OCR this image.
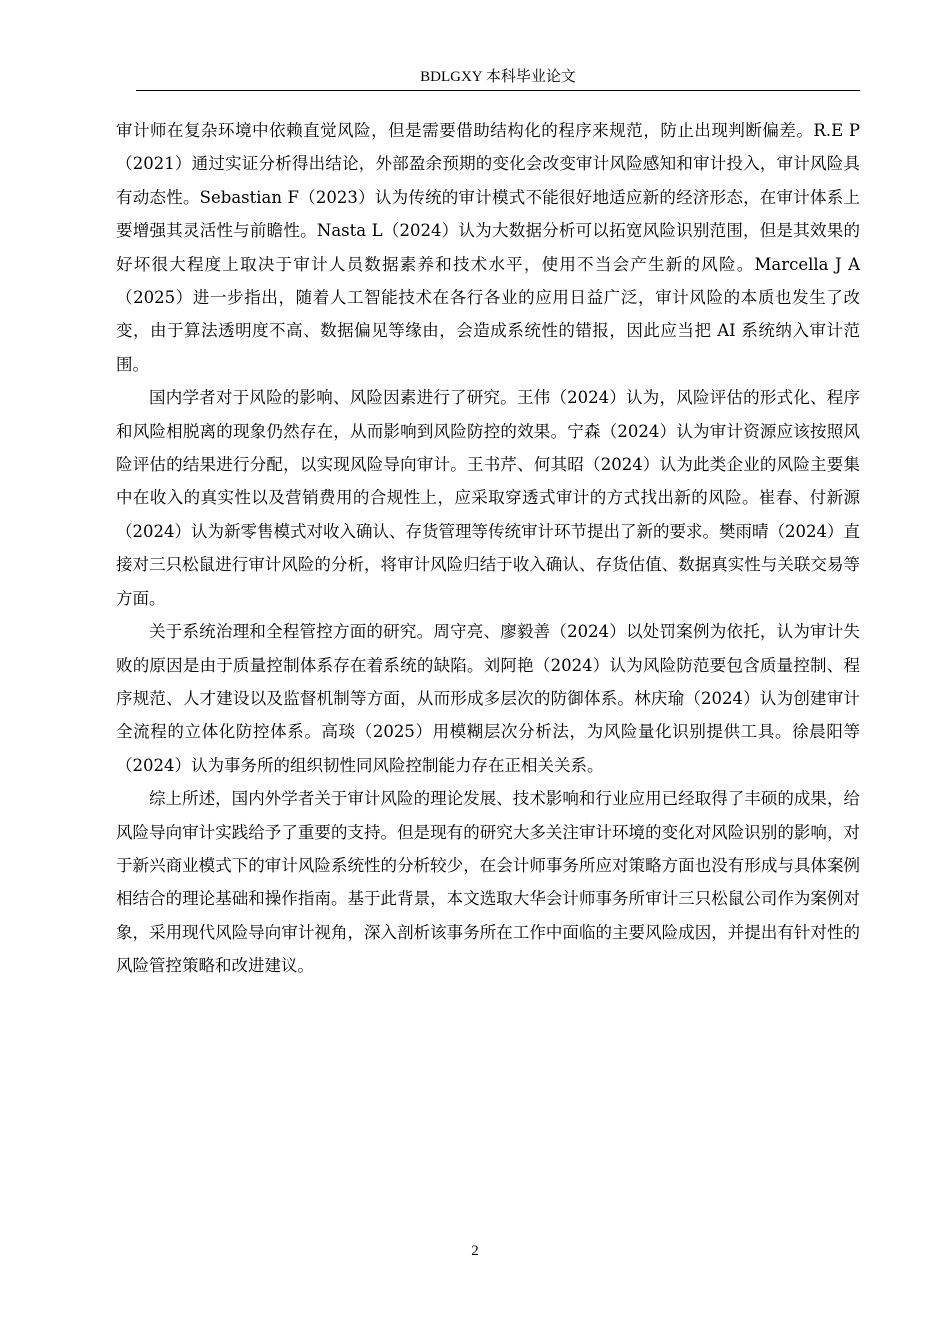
BDLGXY 本科毕业论文

审计师在复杂环境中依赖直觉风险，但是需要借助结构化的程序来规范，防止出现判断偏差。R.E P（2021）通过实证分析得出结论，外部盈余预期的变化会改变审计风险感知和审计投入，审计风险具有动态性。Sebastian F（2023）认为传统的审计模式不能很好地适应新的经济形态，在审计体系上要增强其灵活性与前瞻性。Nasta L（2024）认为大数据分析可以拓宽风险识别范围，但是其效果的好坏很大程度上取决于审计人员数据素养和技术水平，使用不当会产生新的风险。Marcella J A（2025）进一步指出，随着人工智能技术在各行各业的应用日益广泛，审计风险的本质也发生了改变，由于算法透明度不高、数据偏见等缘由，会造成系统性的错报，因此应当把 AI 系统纳入审计范围。

国内学者对于风险的影响、风险因素进行了研究。王伟（2024）认为，风险评估的形式化、程序和风险相脱离的现象仍然存在，从而影响到风险防控的效果。宁森（2024）认为审计资源应该按照风险评估的结果进行分配，以实现风险导向审计。王书芹、何其昭（2024）认为此类企业的风险主要集中在收入的真实性以及营销费用的合规性上，应采取穿透式审计的方式找出新的风险。崔春、付新源（2024）认为新零售模式对收入确认、存货管理等传统审计环节提出了新的要求。樊雨晴（2024）直接对三只松鼠进行审计风险的分析，将审计风险归结于收入确认、存货估值、数据真实性与关联交易等方面。

关于系统治理和全程管控方面的研究。周守亮、廖毅善（2024）以处罚案例为依托，认为审计失败的原因是由于质量控制体系存在着系统的缺陷。刘阿艳（2024）认为风险防范要包含质量控制、程序规范、人才建设以及监督机制等方面，从而形成多层次的防御体系。林庆瑜（2024）认为创建审计全流程的立体化防控体系。高琰（2025）用模糊层次分析法，为风险量化识别提供工具。徐晨阳等（2024）认为事务所的组织韧性同风险控制能力存在正相关关系。

综上所述，国内外学者关于审计风险的理论发展、技术影响和行业应用已经取得了丰硕的成果，给风险导向审计实践给予了重要的支持。但是现有的研究大多关注审计环境的变化对风险识别的影响，对于新兴商业模式下的审计风险系统性的分析较少，在会计师事务所应对策略方面也没有形成与具体案例相结合的理论基础和操作指南。基于此背景，本文选取大华会计师事务所审计三只松鼠公司作为案例对象，采用现代风险导向审计视角，深入剖析该事务所在工作中面临的主要风险成因，并提出有针对性的风险管控策略和改进建议。

2
